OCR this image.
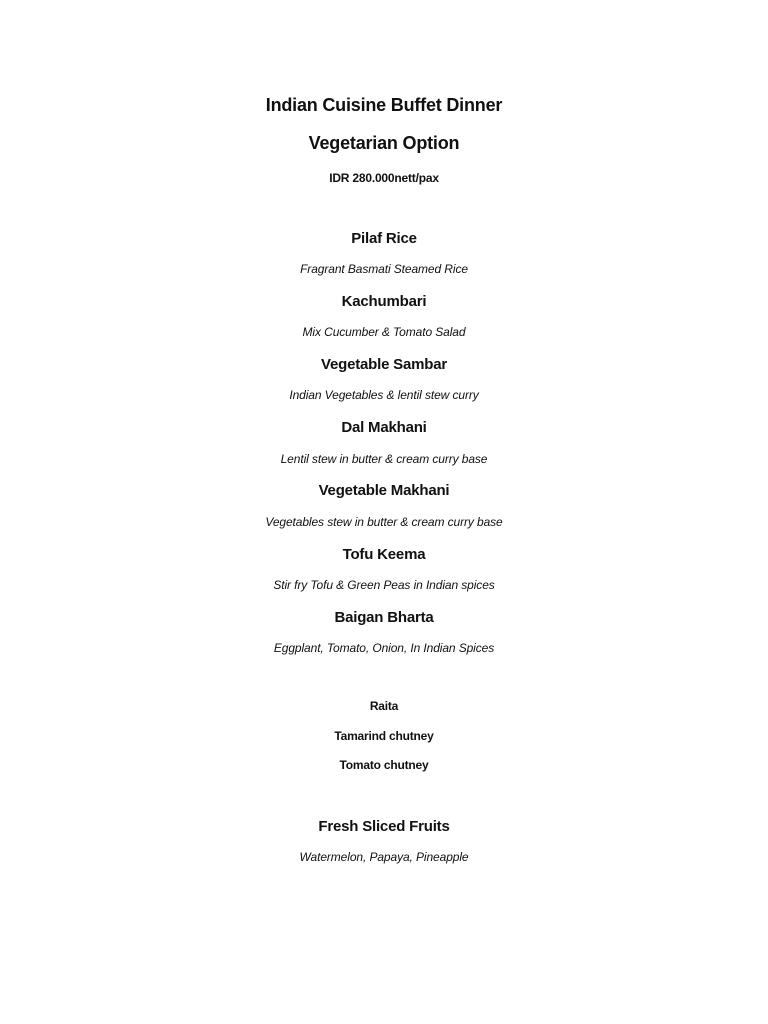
Indian Cuisine Buffet Dinner

Vegetarian Option

IDR 280.000nett/pax

Pilaf Rice

Fragrant Basmati Steamed Rice

Kachumbari

Mix Cucumber & Tomato Salad

Vegetable Sambar

Indian Vegetables & lentil stew curry

Dal Makhani

Lentil stew in butter & cream curry base

Vegetable Makhani

Vegetables stew in butter & cream curry base

Tofu Keema

Stir fry Tofu & Green Peas in Indian spices

Baigan Bharta

Eggplant, Tomato, Onion, In Indian Spices

Raita

Tamarind chutney

Tomato chutney

Fresh Sliced Fruits

Watermelon, Papaya, Pineapple
